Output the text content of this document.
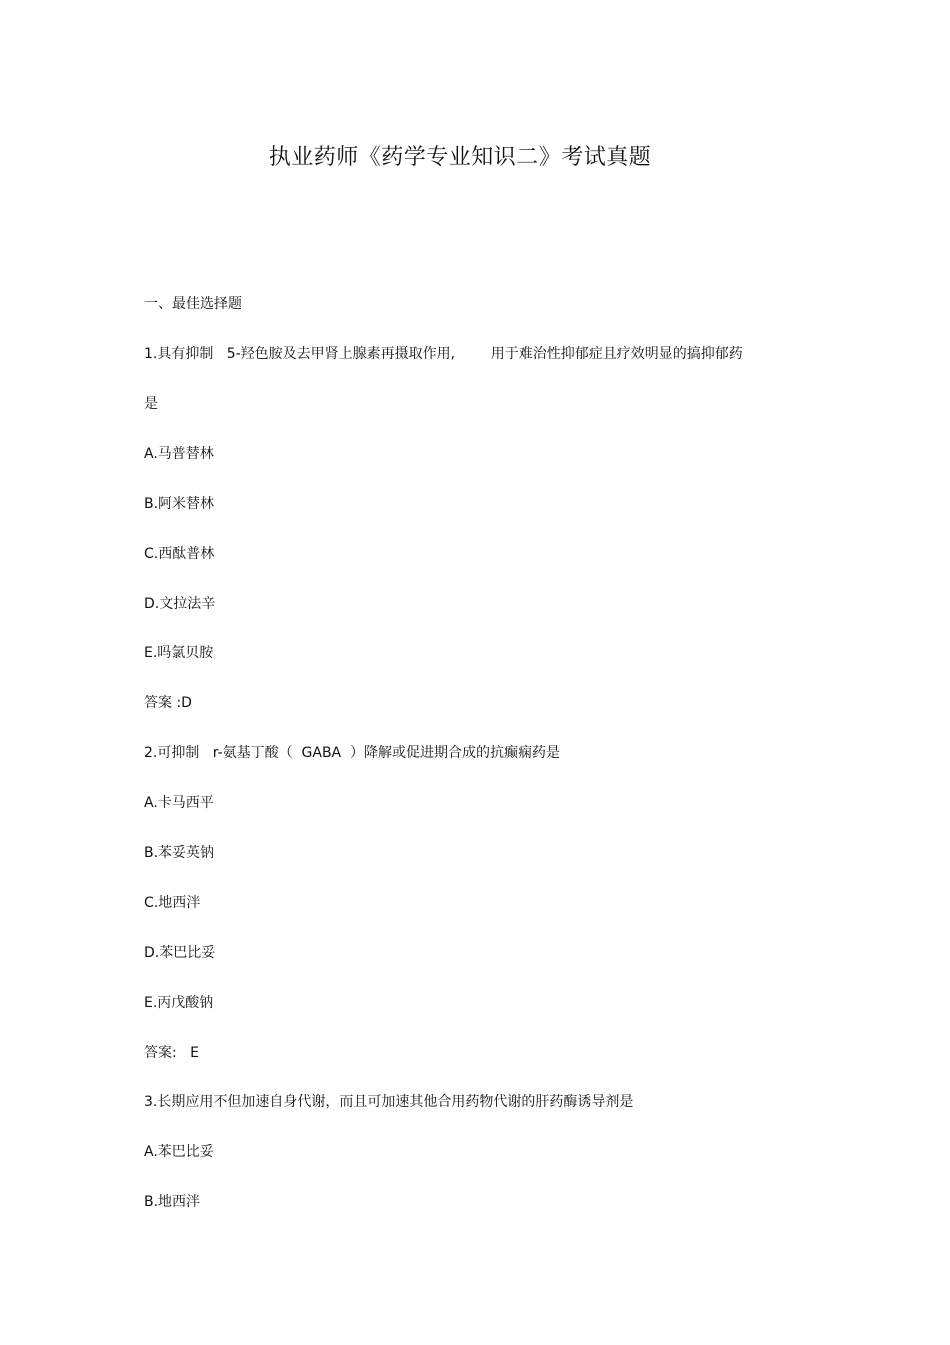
执业药师《药学专业知识二》考试真题
一、最佳选择题
1.具有抑制   5-羟色胺及去甲肾上腺素再摄取作用,        用于难治性抑郁症且疗效明显的搞抑郁药
是
A.马普替林
B.阿米替林
C.西酞普林
D.文拉法辛
E.吗氯贝胺
答案 :D
2.可抑制   r-氨基丁酸（  GABA  ）降解或促进期合成的抗癫痫药是
A.卡马西平
B.苯妥英钠
C.地西泮
D.苯巴比妥
E.丙戊酸钠
答案:   E
3.长期应用不但加速自身代谢，而且可加速其他合用药物代谢的肝药酶诱导剂是
A.苯巴比妥
B.地西泮
